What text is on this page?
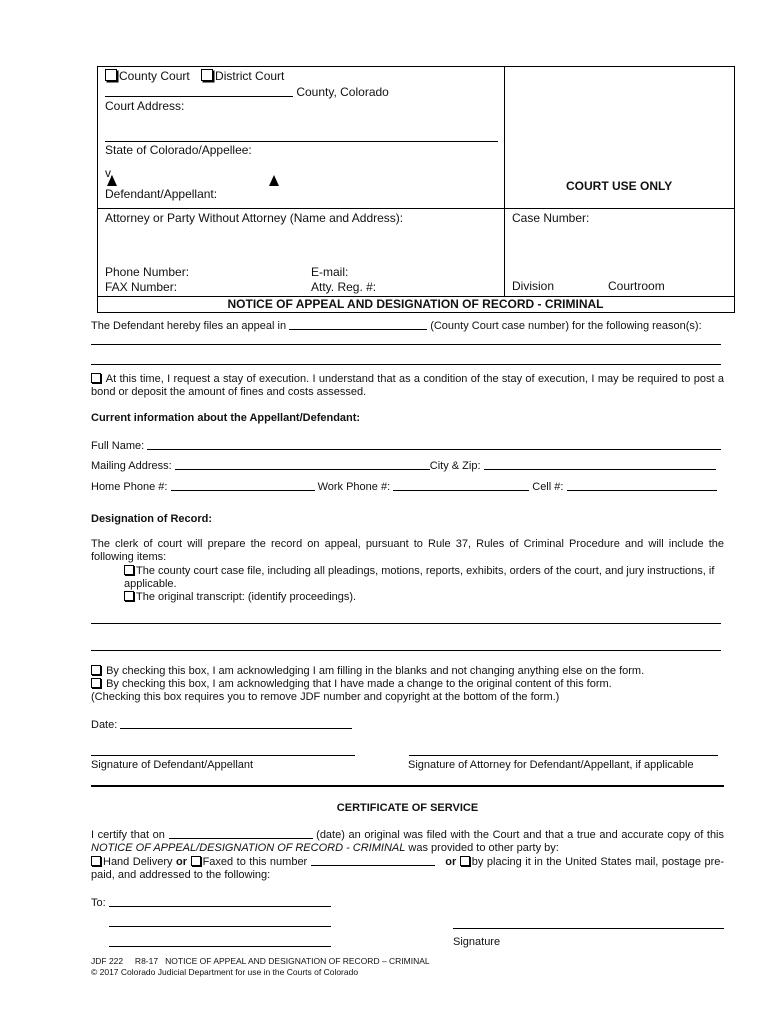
County Court District Court
County, Colorado
Court Address:
State of Colorado/Appellee:
v.
Defendant/Appellant:
COURT USE ONLY
Attorney or Party Without Attorney (Name and Address):	Case Number:
Phone Number:	E-mail:
FAX Number:	Atty. Reg. #:	Division	Courtroom
NOTICE OF APPEAL AND DESIGNATION OF RECORD - CRIMINAL
The Defendant hereby files an appeal in	(County Court case number) for the following reason(s):
At this time, I request a stay of execution. I understand that as a condition of the stay of execution, I may be required to post a bond or deposit the amount of fines and costs assessed.
Current information about the Appellant/Defendant:
Full Name:
Mailing Address:	City & Zip:
Home Phone #:	Work Phone #:	Cell #:
Designation of Record:
The clerk of court will prepare the record on appeal, pursuant to Rule 37, Rules of Criminal Procedure and will include the following items:
The county court case file, including all pleadings, motions, reports, exhibits, orders of the court, and jury instructions, if applicable.
The original transcript: (identify proceedings).
By checking this box, I am acknowledging I am filling in the blanks and not changing anything else on the form.
By checking this box, I am acknowledging that I have made a change to the original content of this form.
(Checking this box requires you to remove JDF number and copyright at the bottom of the form.)
Date:
Signature of Defendant/Appellant	Signature of Attorney for Defendant/Appellant, if applicable
CERTIFICATE OF SERVICE
I certify that on	(date) an original was filed with the Court and that a true and accurate copy of this NOTICE OF APPEAL/DESIGNATION OF RECORD - CRIMINAL was provided to other party by:
Hand Delivery or Faxed to this number	or by placing it in the United States mail, postage pre-paid, and addressed to the following:
To:
Signature
JDF 222     R8-17   NOTICE OF APPEAL AND DESIGNATION OF RECORD – CRIMINAL
© 2017 Colorado Judicial Department for use in the Courts of Colorado
